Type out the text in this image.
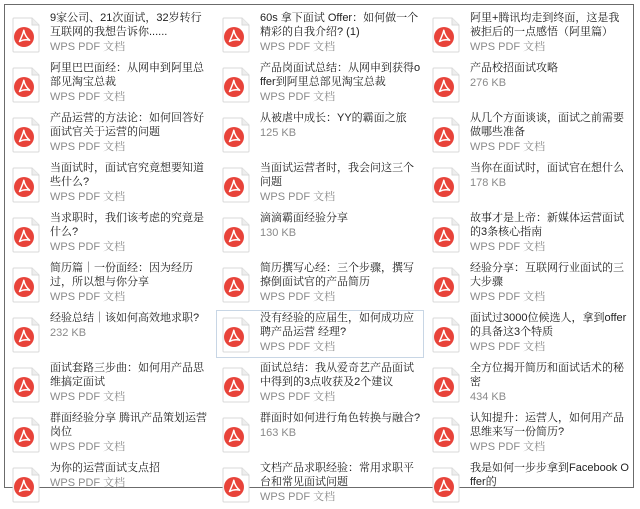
9家公司、21次面试，32岁转行互联网的我想告诉你......
WPS PDF 文档
60s 拿下面试 Offer：如何做一个精彩的自我介绍? (1)
WPS PDF 文档
阿里+腾讯均走到终面，这是我被拒后的一点感悟（阿里篇）
WPS PDF 文档
阿里巴巴面经：从网申到阿里总部见淘宝总裁
WPS PDF 文档
产品岗面试总结：从网申到获得offer到阿里总部见淘宝总裁
WPS PDF 文档
产品校招面试攻略
276 KB
产品运营的方法论：如何回答好面试官关于运营的问题
WPS PDF 文档
从被虐中成长：YY的霸面之旅
125 KB
从几个方面谈谈，面试之前需要做哪些准备
WPS PDF 文档
当面试时，面试官究竟想要知道些什么?
WPS PDF 文档
当面试运营者时，我会问这三个问题
WPS PDF 文档
当你在面试时，面试官在想什么
178 KB
当求职时，我们该考虑的究竟是什么?
WPS PDF 文档
滴滴霸面经验分享
130 KB
故事才是上帝：新媒体运营面试的3条核心指南
WPS PDF 文档
简历篇｜一份面经：因为经历过，所以想与你分享
WPS PDF 文档
简历撰写心经：三个步骤，撰写撩倒面试官的产品简历
WPS PDF 文档
经验分享：互联网行业面试的三大步骤
WPS PDF 文档
经验总结｜该如何高效地求职?
232 KB
没有经验的应届生，如何成功应聘产品运营 经理?
WPS PDF 文档
面试过3000位候选人，拿到offer的具备这3个特质
WPS PDF 文档
面试套路三步曲：如何用产品思维搞定面试
WPS PDF 文档
面试总结：我从爱奇艺产品面试中得到的3点收获及2个建议
WPS PDF 文档
全方位揭开简历和面试话术的秘密
434 KB
群面经验分享 腾讯产品策划运营岗位
WPS PDF 文档
群面时如何进行角色转换与融合?
163 KB
认知提升：运营人，如何用产品思维来写一份简历?
WPS PDF 文档
为你的运营面试支点招
WPS PDF 文档
文档产品求职经验：常用求职平台和常见面试问题
WPS PDF 文档
我是如何一步步拿到Facebook Offer的
